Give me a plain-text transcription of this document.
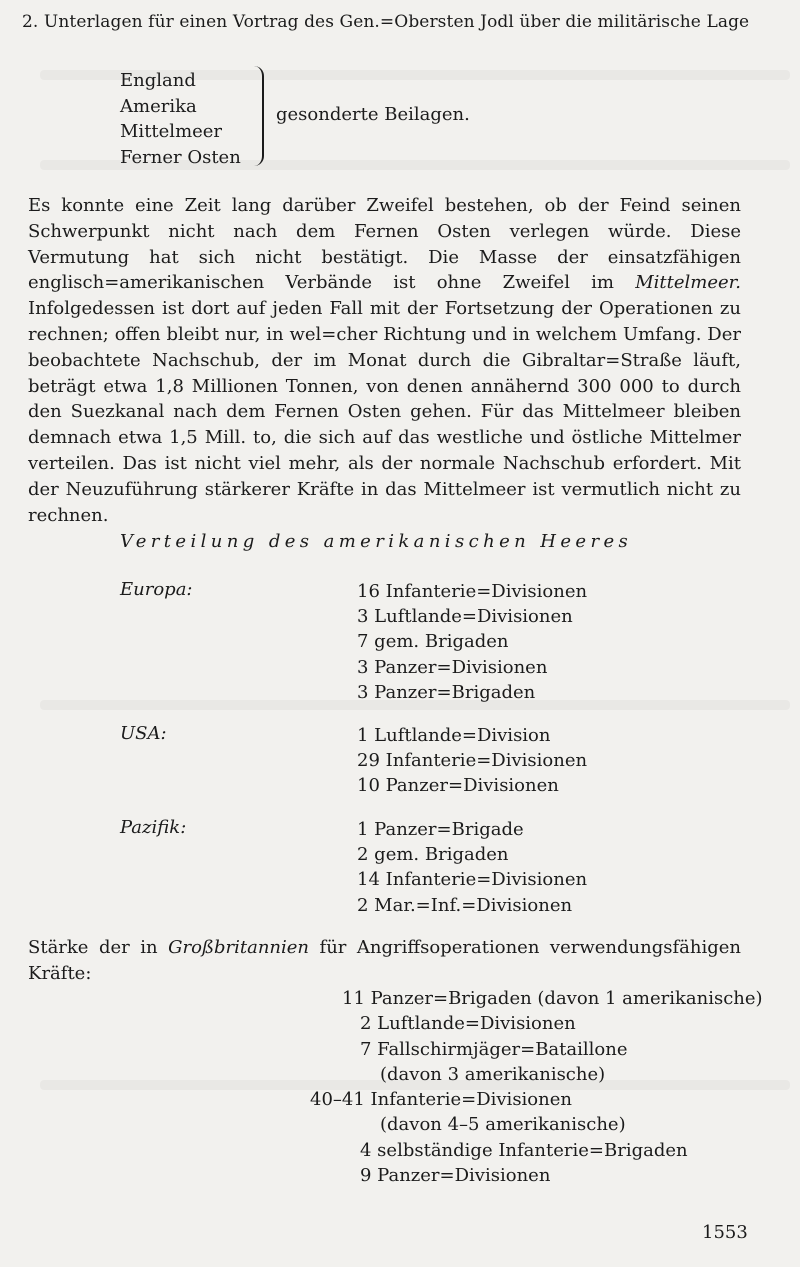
2. Unterlagen für einen Vortrag des Gen.=Obersten Jodl über die militärische Lage
England
Amerika
Mittelmeer
Ferner Osten
gesonderte Beilagen.

Es konnte eine Zeit lang darüber Zweifel bestehen, ob der Feind seinen Schwerpunkt nicht nach dem Fernen Osten verlegen würde. Diese Vermutung hat sich nicht bestätigt. Die Masse der einsatzfähigen englisch=amerikanischen Verbände ist ohne Zweifel im Mittelmeer. Infolgedessen ist dort auf jeden Fall mit der Fortsetzung der Operationen zu rechnen; offen bleibt nur, in wel=cher Richtung und in welchem Umfang. Der beobachtete Nachschub, der im Monat durch die Gibraltar=Straße läuft, beträgt etwa 1,8 Millionen Tonnen, von denen annähernd 300 000 to durch den Suezkanal nach dem Fernen Osten gehen. Für das Mittelmeer bleiben demnach etwa 1,5 Mill. to, die sich auf das westliche und östliche Mittelmer verteilen. Das ist nicht viel mehr, als der normale Nachschub erfordert. Mit der Neuzuführung stärkerer Kräfte in das Mittelmeer ist vermutlich nicht zu rechnen.

Verteilung des amerikanischen Heeres
Europa:	16 Infanterie=Divisionen
3 Luftlande=Divisionen
7 gem. Brigaden
3 Panzer=Divisionen
3 Panzer=Brigaden
USA:	1 Luftlande=Division
29 Infanterie=Divisionen
10 Panzer=Divisionen
Pazifik:	1 Panzer=Brigade
2 gem. Brigaden
14 Infanterie=Divisionen
2 Mar.=Inf.=Divisionen

Stärke der in Großbritannien für Angriffsoperationen verwendungsfähigen Kräfte:

11 Panzer=Brigaden (davon 1 amerikanische)
2 Luftlande=Divisionen
7 Fallschirmjäger=Bataillone
(davon 3 amerikanische)
40–41 Infanterie=Divisionen
(davon 4–5 amerikanische)
4 selbständige Infanterie=Brigaden
9 Panzer=Divisionen
1553
